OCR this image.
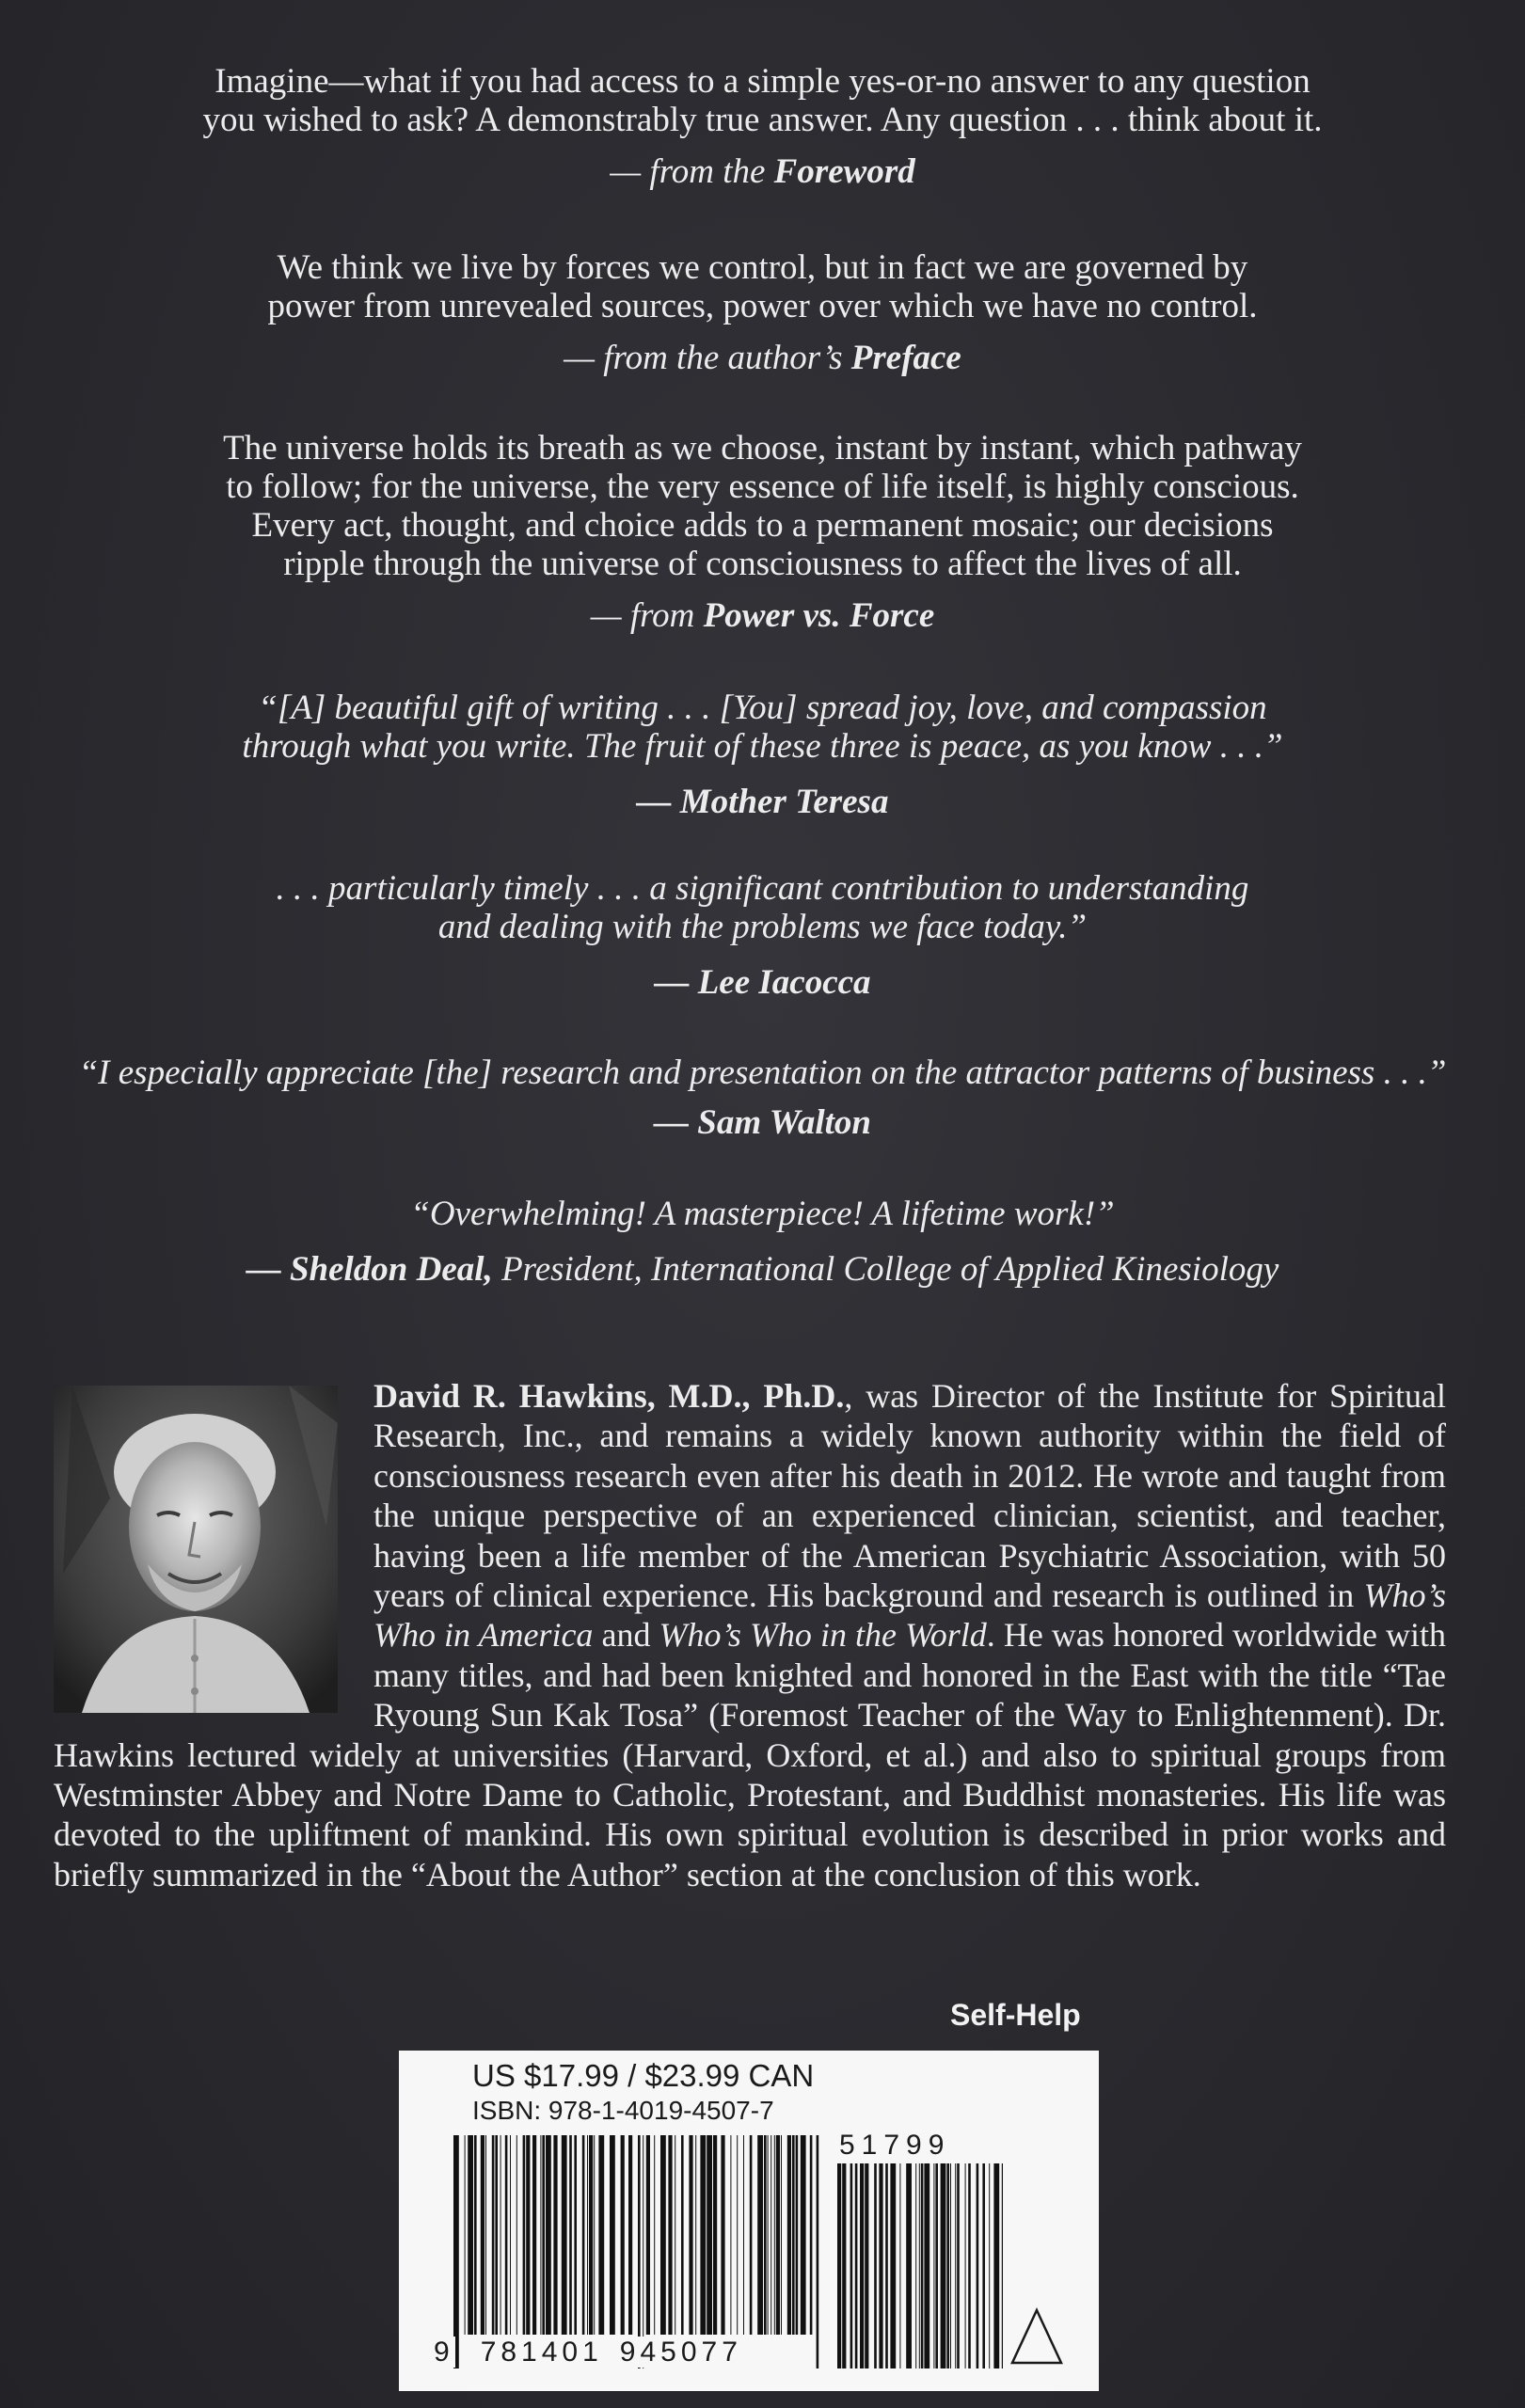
Imagine—what if you had access to a simple yes-or-no answer to any question
you wished to ask? A demonstrably true answer. Any question . . . think about it.

— from the Foreword

We think we live by forces we control, but in fact we are governed by
power from unrevealed sources, power over which we have no control.

— from the author’s Preface

The universe holds its breath as we choose, instant by instant, which pathway
to follow; for the universe, the very essence of life itself, is highly conscious.
Every act, thought, and choice adds to a permanent mosaic; our decisions
ripple through the universe of consciousness to affect the lives of all.

— from Power vs. Force

“[A] beautiful gift of writing . . . [You] spread joy, love, and compassion
through what you write. The fruit of these three is peace, as you know . . .”

— Mother Teresa

. . . particularly timely . . . a significant contribution to understanding
and dealing with the problems we face today.”

— Lee Iacocca

“I especially appreciate [the] research and presentation on the attractor patterns of business . . .”

— Sam Walton

“Overwhelming! A masterpiece! A lifetime work!”

— Sheldon Deal, President, International College of Applied Kinesiology

David R. Hawkins, M.D., Ph.D., was Director of the Institute for Spiritual Research, Inc., and remains a widely known authority within the field of consciousness research even after his death in 2012. He wrote and taught from the unique perspective of an experienced clinician, scientist, and teacher, having been a life member of the American Psychiatric Association, with 50 years of clinical experience. His background and research is outlined in Who’s Who in America and Who’s Who in the World. He was honored worldwide with many titles, and had been knighted and honored in the East with the title “Tae Ryoung Sun Kak Tosa” (Foremost Teacher of the Way to Enlightenment). Dr. Hawkins lectured widely at universities (Harvard, Oxford, et al.) and also to spiritual groups from Westminster Abbey and Notre Dame to Catholic, Protestant, and Buddhist monasteries. His life was devoted to the upliftment of mankind. His own spiritual evolution is described in prior works and briefly summarized in the “About the Author” section at the conclusion of this work.
Self-Help
US $17.99 / $23.99 CAN
ISBN: 978-1-4019-4507-7
51799
9 781401 945077
